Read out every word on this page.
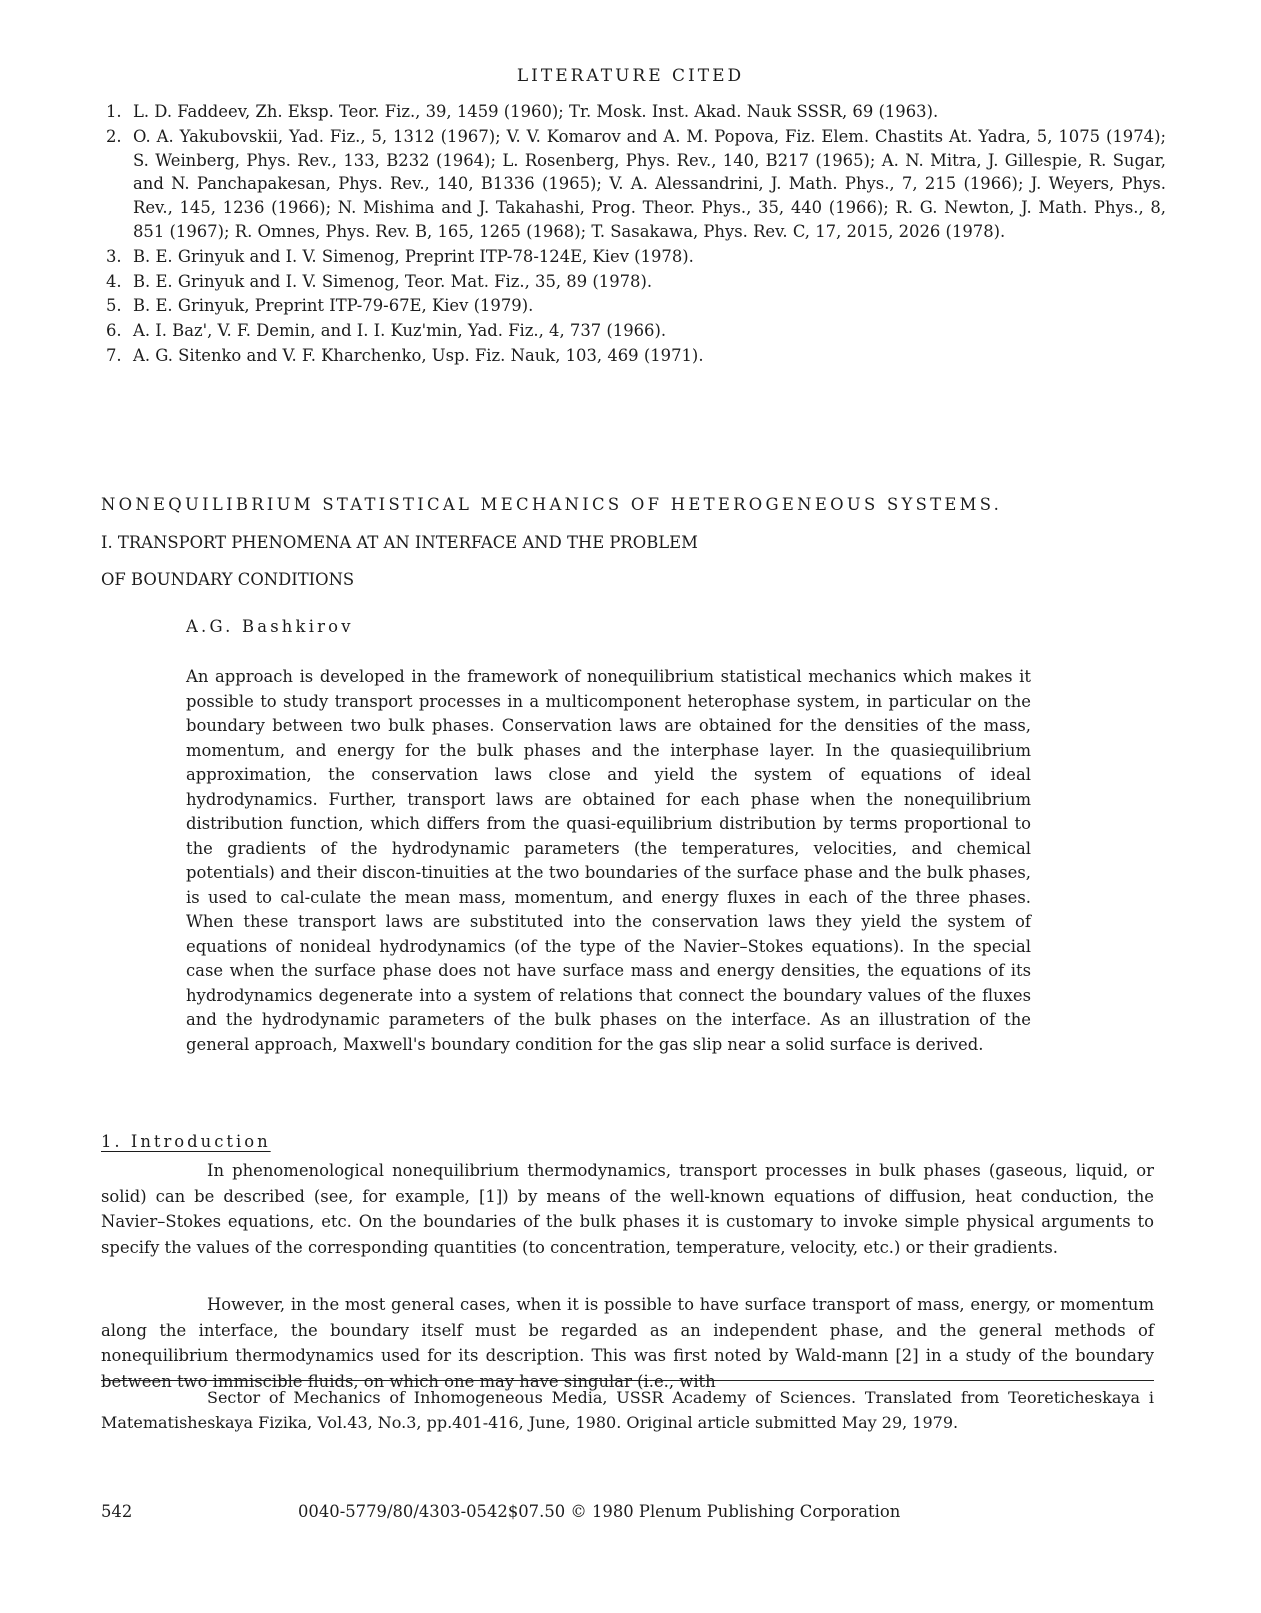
LITERATURE CITED
1. L. D. Faddeev, Zh. Eksp. Teor. Fiz., 39, 1459 (1960); Tr. Mosk. Inst. Akad. Nauk SSSR, 69 (1963).
2. O. A. Yakubovskii, Yad. Fiz., 5, 1312 (1967); V. V. Komarov and A. M. Popova, Fiz. Elem. Chastits At. Yadra, 5, 1075 (1974); S. Weinberg, Phys. Rev., 133, B232 (1964); L. Rosenberg, Phys. Rev., 140, B217 (1965); A. N. Mitra, J. Gillespie, R. Sugar, and N. Panchapakesan, Phys. Rev., 140, B1336 (1965); V. A. Alessandrini, J. Math. Phys., 7, 215 (1966); J. Weyers, Phys. Rev., 145, 1236 (1966); N. Mishima and J. Takahashi, Prog. Theor. Phys., 35, 440 (1966); R. G. Newton, J. Math. Phys., 8, 851 (1967); R. Omnes, Phys. Rev. B, 165, 1265 (1968); T. Sasakawa, Phys. Rev. C, 17, 2015, 2026 (1978).
3. B. E. Grinyuk and I. V. Simenog, Preprint ITP-78-124E, Kiev (1978).
4. B. E. Grinyuk and I. V. Simenog, Teor. Mat. Fiz., 35, 89 (1978).
5. B. E. Grinyuk, Preprint ITP-79-67E, Kiev (1979).
6. A. I. Baz', V. F. Demin, and I. I. Kuz'min, Yad. Fiz., 4, 737 (1966).
7. A. G. Sitenko and V. F. Kharchenko, Usp. Fiz. Nauk, 103, 469 (1971).
NONEQUILIBRIUM STATISTICAL MECHANICS OF HETEROGENEOUS SYSTEMS.
I. TRANSPORT PHENOMENA AT AN INTERFACE AND THE PROBLEM
OF BOUNDARY CONDITIONS
A.G. Bashkirov

An approach is developed in the framework of nonequilibrium statistical mechanics which makes it possible to study transport processes in a multicomponent heterophase system, in particular on the boundary between two bulk phases. Conservation laws are obtained for the densities of the mass, momentum, and energy for the bulk phases and the interphase layer. In the quasiequilibrium approximation, the conservation laws close and yield the system of equations of ideal hydrodynamics. Further, transport laws are obtained for each phase when the nonequilibrium distribution function, which differs from the quasi-equilibrium distribution by terms proportional to the gradients of the hydrodynamic parameters (the temperatures, velocities, and chemical potentials) and their discon-tinuities at the two boundaries of the surface phase and the bulk phases, is used to cal-culate the mean mass, momentum, and energy fluxes in each of the three phases. When these transport laws are substituted into the conservation laws they yield the system of equations of nonideal hydrodynamics (of the type of the Navier–Stokes equations). In the special case when the surface phase does not have surface mass and energy densities, the equations of its hydrodynamics degenerate into a system of relations that connect the boundary values of the fluxes and the hydrodynamic parameters of the bulk phases on the interface. As an illustration of the general approach, Maxwell's boundary condition for the gas slip near a solid surface is derived.

1. Introduction

In phenomenological nonequilibrium thermodynamics, transport processes in bulk phases (gaseous, liquid, or solid) can be described (see, for example, [1]) by means of the well-known equations of diffusion, heat conduction, the Navier–Stokes equations, etc. On the boundaries of the bulk phases it is customary to invoke simple physical arguments to specify the values of the corresponding quantities (to concentration, temperature, velocity, etc.) or their gradients.

However, in the most general cases, when it is possible to have surface transport of mass, energy, or momentum along the interface, the boundary itself must be regarded as an independent phase, and the general methods of nonequilibrium thermodynamics used for its description. This was first noted by Wald-mann [2] in a study of the boundary between two immiscible fluids, on which one may have singular (i.e., with

Sector of Mechanics of Inhomogeneous Media, USSR Academy of Sciences. Translated from Teoreticheskaya i Matematisheskaya Fizika, Vol.43, No.3, pp.401-416, June, 1980. Original article submitted May 29, 1979.

542	0040-5779/80/4303-0542$07.50 © 1980 Plenum Publishing Corporation
